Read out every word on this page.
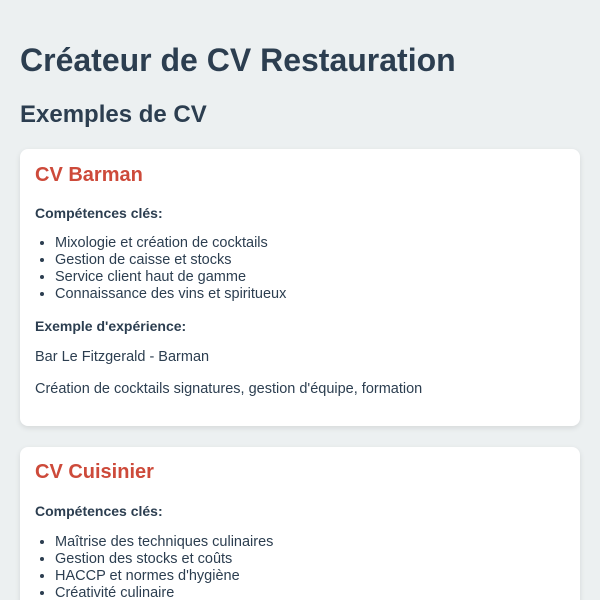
Créateur de CV Restauration
Exemples de CV
CV Barman

Compétences clés:

• Mixologie et création de cocktails
• Gestion de caisse et stocks
• Service client haut de gamme
• Connaissance des vins et spiritueux

Exemple d'expérience:

Bar Le Fitzgerald - Barman

Création de cocktails signatures, gestion d'équipe, formation

CV Cuisinier

Compétences clés:

• Maîtrise des techniques culinaires
• Gestion des stocks et coûts
• HACCP et normes d'hygiène
• Créativité culinaire
